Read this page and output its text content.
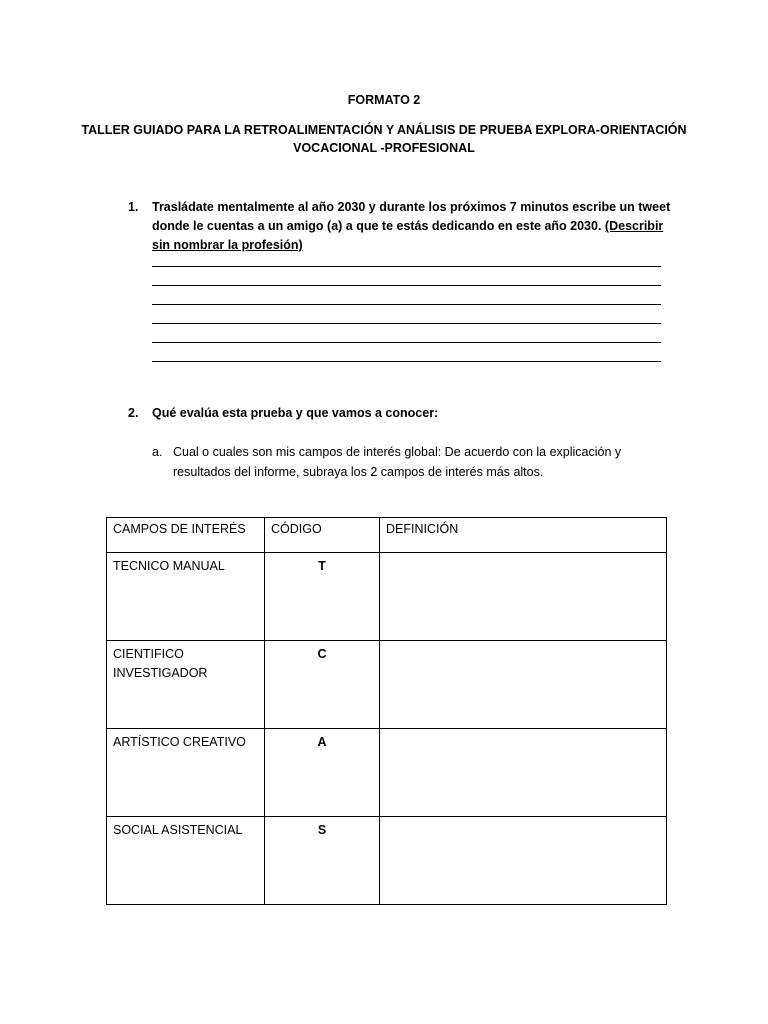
FORMATO 2
TALLER GUIADO PARA LA RETROALIMENTACIÓN Y ANÁLISIS DE PRUEBA EXPLORA-ORIENTACIÓN
VOCACIONAL -PROFESIONAL
1. Trasládate mentalmente al año 2030 y durante los próximos 7 minutos escribe un tweet donde le cuentas a un amigo (a) a que te estás dedicando en este año 2030. (Describir sin nombrar la profesión)
2. Qué evalúa esta prueba y que vamos a conocer:
a. Cual o cuales son mis campos de interés global: De acuerdo con la explicación y resultados del informe, subraya los 2 campos de interés más altos.
CAMPOS DE INTERÉS	CÓDIGO	DEFINICIÓN
TECNICO MANUAL	T	
CIENTIFICO INVESTIGADOR	C	
ARTÍSTICO CREATIVO	A	
SOCIAL ASISTENCIAL	S	
